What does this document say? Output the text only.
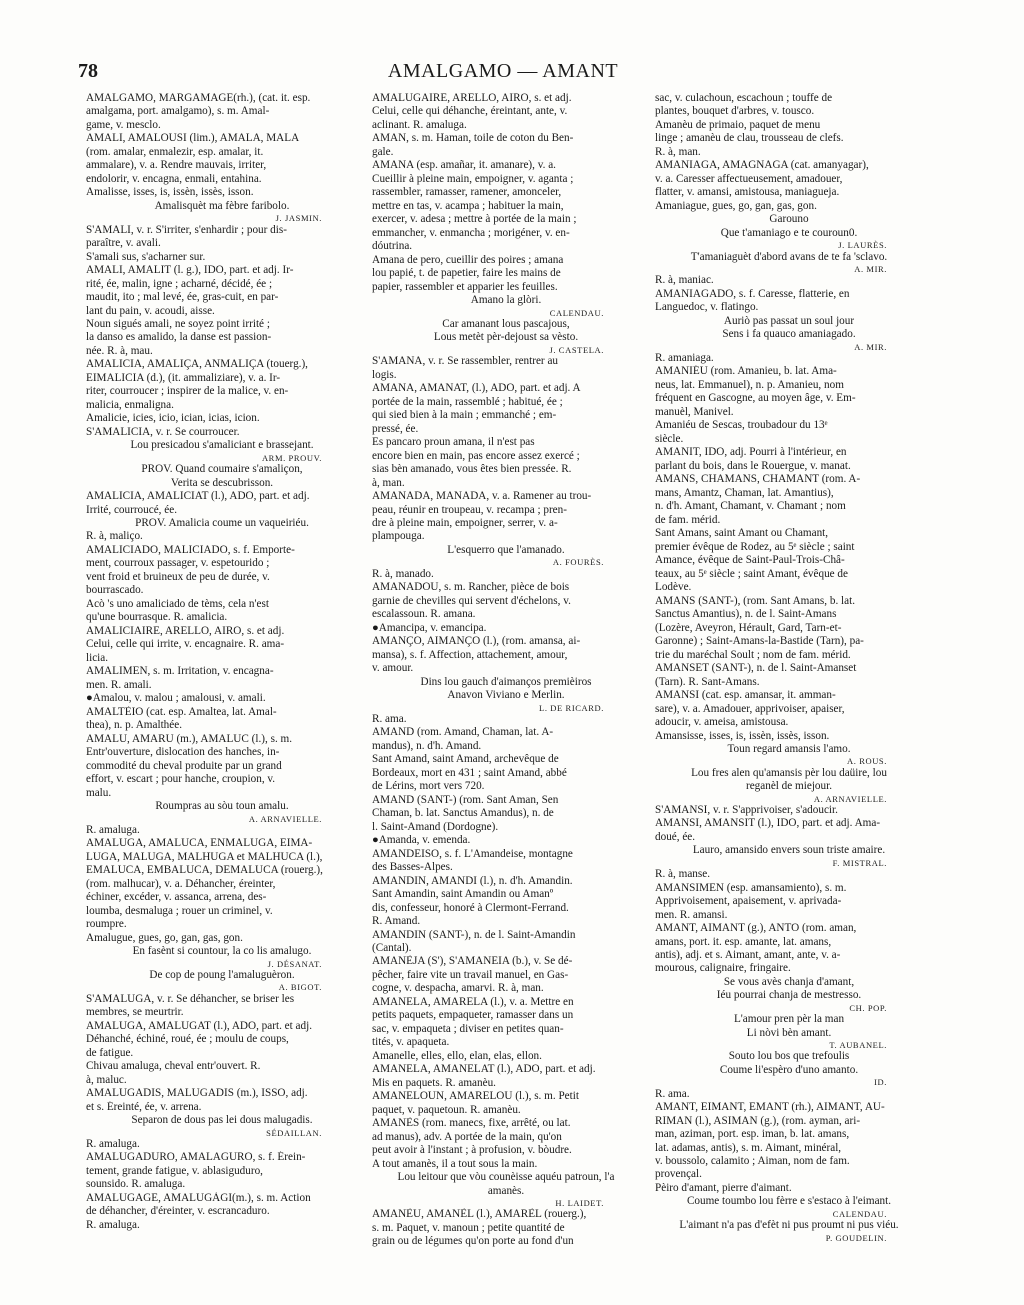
78	AMALGAMO — AMANT
AMALGAMO, MARGAMAGE(rh.), (cat. it. esp.
amalgama, port. amalgamo), s. m. Amal-
game, v. mesclo.
AMALI, AMALOUSI (lim.), AMALA, MALA
(rom. amalar, enmalezir, esp. amalar, it.
ammalare), v. a. Rendre mauvais, irriter,
endolorir, v. encagna, enmali, entahina.
Amalisse, isses, is, issèn, issès, isson.
Amalisquèt ma fèbre faribolo.
J. JASMIN.
S'AMALI, v. r. S'irriter, s'enhardir ; pour dis-
paraître, v. avali.
S'amali sus, s'acharner sur.
AMALI, AMALIT (l. g.), IDO, part. et adj. Ir-
rité, ée, malin, igne ; acharné, décidé, ée ;
maudit, ito ; mal levé, ée, gras-cuit, en par-
lant du pain, v. acoudi, aisse.
Noun sigués amali, ne soyez point irrité ;
la danso es amalido, la danse est passion-
née. R. à, mau.
AMALICIA, AMALIÇA, ANMALIÇA (touerg.),
EIMALICIA (d.), (it. ammaliziare), v. a. Ir-
riter, courroucer ; inspirer de la malice, v. en-
malicia, enmaligna.
Amalicie, icies, icio, ician, icias, icion.
S'AMALICIA, v. r. Se courroucer.
Lou presicadou s'amaliciant e brassejant.
ARM. PROUV.
PROV. Quand coumaire s'amaliçon,
Verita se descubrisson.
AMALICIA, AMALICIAT (l.), ADO, part. et adj.
Irrité, courroucé, ée.
PROV. Amalicia coume un vaqueiriéu.
R. à, maliço.
AMALICIADO, MALICIADO, s. f. Emporte-
ment, courroux passager, v. espetourido ;
vent froid et bruineux de peu de durée, v.
bourrascado.
Acò 's uno amaliciado de tèms, cela n'est
qu'une bourrasque. R. amalicia.
AMALICIAIRE, ARELLO, AIRO, s. et adj.
Celui, celle qui irrite, v. encagnaire. R. ama-
licia.
AMALIMEN, s. m. Irritation, v. encagna-
men. R. amali.
●Amalou, v. malou ; amalousi, v. amali.
AMALTÈIO (cat. esp. Amaltea, lat. Amal-
thea), n. p. Amalthée.
AMALU, AMARU (m.), AMALUC (l.), s. m.
Entr'ouverture, dislocation des hanches, in-
commodité du cheval produite par un grand
effort, v. escart ; pour hanche, croupion, v.
malu.
Roumpras au sòu toun amalu.
A. ARNAVIELLE.
R. amaluga.
AMALUGA, AMALUCA, ENMALUGA, EIMA-
LUGA, MALUGA, MALHUGA et MALHUCA (l.),
EMALUCA, EMBALUCA, DEMALUCA (rouerg.),
(rom. malhucar), v. a. Déhancher, éreinter,
échiner, excéder, v. assanca, arrena, des-
loumba, desmaluga ; rouer un criminel, v.
roumpre.
Amalugue, gues, go, gan, gas, gon.
En fasènt si countour, la co lis amalugo.
J. DÉSANAT.
De cop de poung l'amaluguèron.
A. BIGOT.
S'AMALUGA, v. r. Se déhancher, se briser les
membres, se meurtrir.
AMALUGA, AMALUGAT (l.), ADO, part. et adj.
Déhanché, échiné, roué, ée ; moulu de coups,
de fatigue.
Chivau amaluga, cheval entr'ouvert. R.
à, maluc.
AMALUGADIS, MALUGADIS (m.), ISSO, adj.
et s. Éreinté, ée, v. arrena.
Separon de dous pas lei dous malugadis.
SÉDAILLAN.
R. amaluga.
AMALUGADURO, AMALAGURO, s. f. Érein-
tement, grande fatigue, v. ablasiguduro,
sounsido. R. amaluga.
AMALUGAGE, AMALUGÀGI(m.), s. m. Action
de déhancher, d'éreinter, v. escrancaduro.
R. amaluga.
AMALUGAIRE, ARELLO, AIRO, s. et adj.
Celui, celle qui déhanche, éreintant, ante, v.
aclinant. R. amaluga.
AMAN, s. m. Haman, toile de coton du Ben-
gale.
AMANA (esp. amañar, it. amanare), v. a.
Cueillir à pleine main, empoigner, v. aganta ;
rassembler, ramasser, ramener, amonceler,
mettre en tas, v. acampa ; habituer la main,
exercer, v. adesa ; mettre à portée de la main ;
emmancher, v. enmancha ; morigéner, v. en-
dóutrina.
Amana de pero, cueillir des poires ; amana
lou papié, t. de papetier, faire les mains de
papier, rassembler et apparier les feuilles.
Amano la glòri.
CALENDAU.
Car amanant lous pascajous,
Lous metèt pèr-dejoust sa vèsto.
J. CASTELA.
S'AMANA, v. r. Se rassembler, rentrer au
logis.
AMANA, AMANAT, (l.), ADO, part. et adj. A
portée de la main, rassemblé ; habitué, ée ;
qui sied bien à la main ; emmanché ; em-
pressé, ée.
Es pancaro proun amana, il n'est pas
encore bien en main, pas encore assez exercé ;
sias bèn amanado, vous êtes bien pressée. R.
à, man.
AMANADA, MANADA, v. a. Ramener au trou-
peau, réunir en troupeau, v. recampa ; pren-
dre à pleine main, empoigner, serrer, v. a-
plampouga.
L'esquerro que l'amanado.
A. FOURÈS.
R. à, manado.
AMANADOU, s. m. Rancher, pièce de bois
garnie de chevilles qui servent d'échelons, v.
escalassoun. R. amana.
●Amancipa, v. emancipa.
AMANÇO, AIMANÇO (l.), (rom. amansa, ai-
mansa), s. f. Affection, attachement, amour,
v. amour.
Dins lou gauch d'aimanços premièiros
Anavon Viviano e Merlin.
L. DE RICARD.
R. ama.
AMAND (rom. Amand, Chaman, lat. A-
mandus), n. d'h. Amand.
Sant Amand, saint Amand, archevêque de
Bordeaux, mort en 431 ; saint Amand, abbé
de Lérins, mort vers 720.
AMAND (SANT-) (rom. Sant Aman, Sen
Chaman, b. lat. Sanctus Amandus), n. de
l. Saint-Amand (Dordogne).
●Amanda, v. emenda.
AMANDEISO, s. f. L'Amandeise, montagne
des Basses-Alpes.
AMANDIN, AMANDI (l.), n. d'h. Amandin.
Sant Amandin, saint Amandin ou Amanº
dis, confesseur, honoré à Clermont-Ferrand.
R. Amand.
AMANDIN (SANT-), n. de l. Saint-Amandin
(Cantal).
AMANÈJA (S'), S'AMANEIA (b.), v. Se dé-
pêcher, faire vite un travail manuel, en Gas-
cogne, v. despacha, amarvi. R. à, man.
AMANELA, AMARELA (l.), v. a. Mettre en
petits paquets, empaqueter, ramasser dans un
sac, v. empaqueta ; diviser en petites quan-
tités, v. apaqueta.
Amanelle, elles, ello, elan, elas, ellon.
AMANELA, AMANELAT (l.), ADO, part. et adj.
Mis en paquets. R. amanèu.
AMANELOUN, AMARELOU (l.), s. m. Petit
paquet, v. paquetoun. R. amanèu.
AMANÈS (rom. manecs, fixe, arrêté, ou lat.
ad manus), adv. A portée de la main, qu'on
peut avoir à l'instant ; à profusion, v. bòudre.
A tout amanès, il a tout sous la main.
Lou leitour que vòu counèisse aquéu patroun, l'a
amanès.
H. LAIDET.
AMANÈU, AMANÈL (l.), AMARÈL (rouerg.),
s. m. Paquet, v. manoun ; petite quantité de
grain ou de légumes qu'on porte au fond d'un
sac, v. culachoun, escachoun ; touffe de
plantes, bouquet d'arbres, v. tousco.
Amanèu de primaio, paquet de menu
linge ; amanèu de clau, trousseau de clefs.
R. à, man.
AMANIAGA, AMAGNAGA (cat. amanyagar),
v. a. Caresser affectueusement, amadouer,
flatter, v. amansi, amistousa, maniagueja.
Amaniague, gues, go, gan, gas, gon.
Garouno
Que t'amaniago e te couroun0.
J. LAURÈS.
T'amaniaguèt d'abord avans de te fa 'sclavo.
A. MIR.
R. à, maniac.
AMANIAGADO, s. f. Caresse, flatterie, en
Languedoc, v. flatingo.
Auriò pas passat un soul jour
Sens i fa quauco amaniagado.
A. MIR.
R. amaniaga.
AMANIÉU (rom. Amanieu, b. lat. Ama-
neus, lat. Emmanuel), n. p. Amanieu, nom
fréquent en Gascogne, au moyen âge, v. Em-
manuèl, Manivel.
Amaniéu de Sescas, troubadour du 13ᵉ
siècle.
AMANIT, IDO, adj. Pourri à l'intérieur, en
parlant du bois, dans le Rouergue, v. manat.
AMANS, CHAMANS, CHAMANT (rom. A-
mans, Amantz, Chaman, lat. Amantius),
n. d'h. Amant, Chamant, v. Chamant ; nom
de fam. mérid.
Sant Amans, saint Amant ou Chamant,
premier évêque de Rodez, au 5ᵉ siècle ; saint
Amance, évêque de Saint-Paul-Trois-Châ-
teaux, au 5ᵉ siècle ; saint Amant, évêque de
Lodève.
AMANS (SANT-), (rom. Sant Amans, b. lat.
Sanctus Amantius), n. de l. Saint-Amans
(Lozère, Aveyron, Hérault, Gard, Tarn-et-
Garonne) ; Saint-Amans-la-Bastide (Tarn), pa-
trie du maréchal Soult ; nom de fam. mérid.
AMANSET (SANT-), n. de l. Saint-Amanset
(Tarn). R. Sant-Amans.
AMANSI (cat. esp. amansar, it. amman-
sare), v. a. Amadouer, apprivoiser, apaiser,
adoucir, v. ameisa, amistousa.
Amansisse, isses, is, issèn, issès, isson.
Toun regard amansis l'amo.
A. ROUS.
Lou fres alen qu'amansis pèr lou daüire, lou
reganèl de miejour.
A. ARNAVIELLE.
S'AMANSI, v. r. S'apprivoiser, s'adoucir.
AMANSI, AMANSIT (l.), IDO, part. et adj. Ama-
doué, ée.
Lauro, amansido envers soun triste amaire.
F. MISTRAL.
R. à, manse.
AMANSIMEN (esp. amansamiento), s. m.
Apprivoisement, apaisement, v. aprivada-
men. R. amansi.
AMANT, AIMANT (g.), ANTO (rom. aman,
amans, port. it. esp. amante, lat. amans,
antis), adj. et s. Aimant, amant, ante, v. a-
mourous, calignaire, fringaire.
Se vous avès chanja d'amant,
Iéu pourrai chanja de mestresso.
CH. POP.
L'amour pren pèr la man
Li nòvi bèn amant.
T. AUBANEL.
Souto lou bos que trefoulis
Coume li'espèro d'uno amanto.
ID.
R. ama.
AMANT, EIMANT, EMANT (rh.), AIMANT, AU-
RIMAN (l.), ASIMAN (g.), (rom. ayman, ari-
man, aziman, port. esp. iman, b. lat. amans,
lat. adamas, antis), s. m. Aimant, minéral,
v. boussolo, calamito ; Aiman, nom de fam.
provençal.
Pèiro d'amant, pierre d'aimant.
Coume toumbo lou fèrre e s'estaco à l'eimant.
CALENDAU.
L'aimant n'a pas d'efèt ni pus proumt ni pus viéu.
P. GOUDELIN.
